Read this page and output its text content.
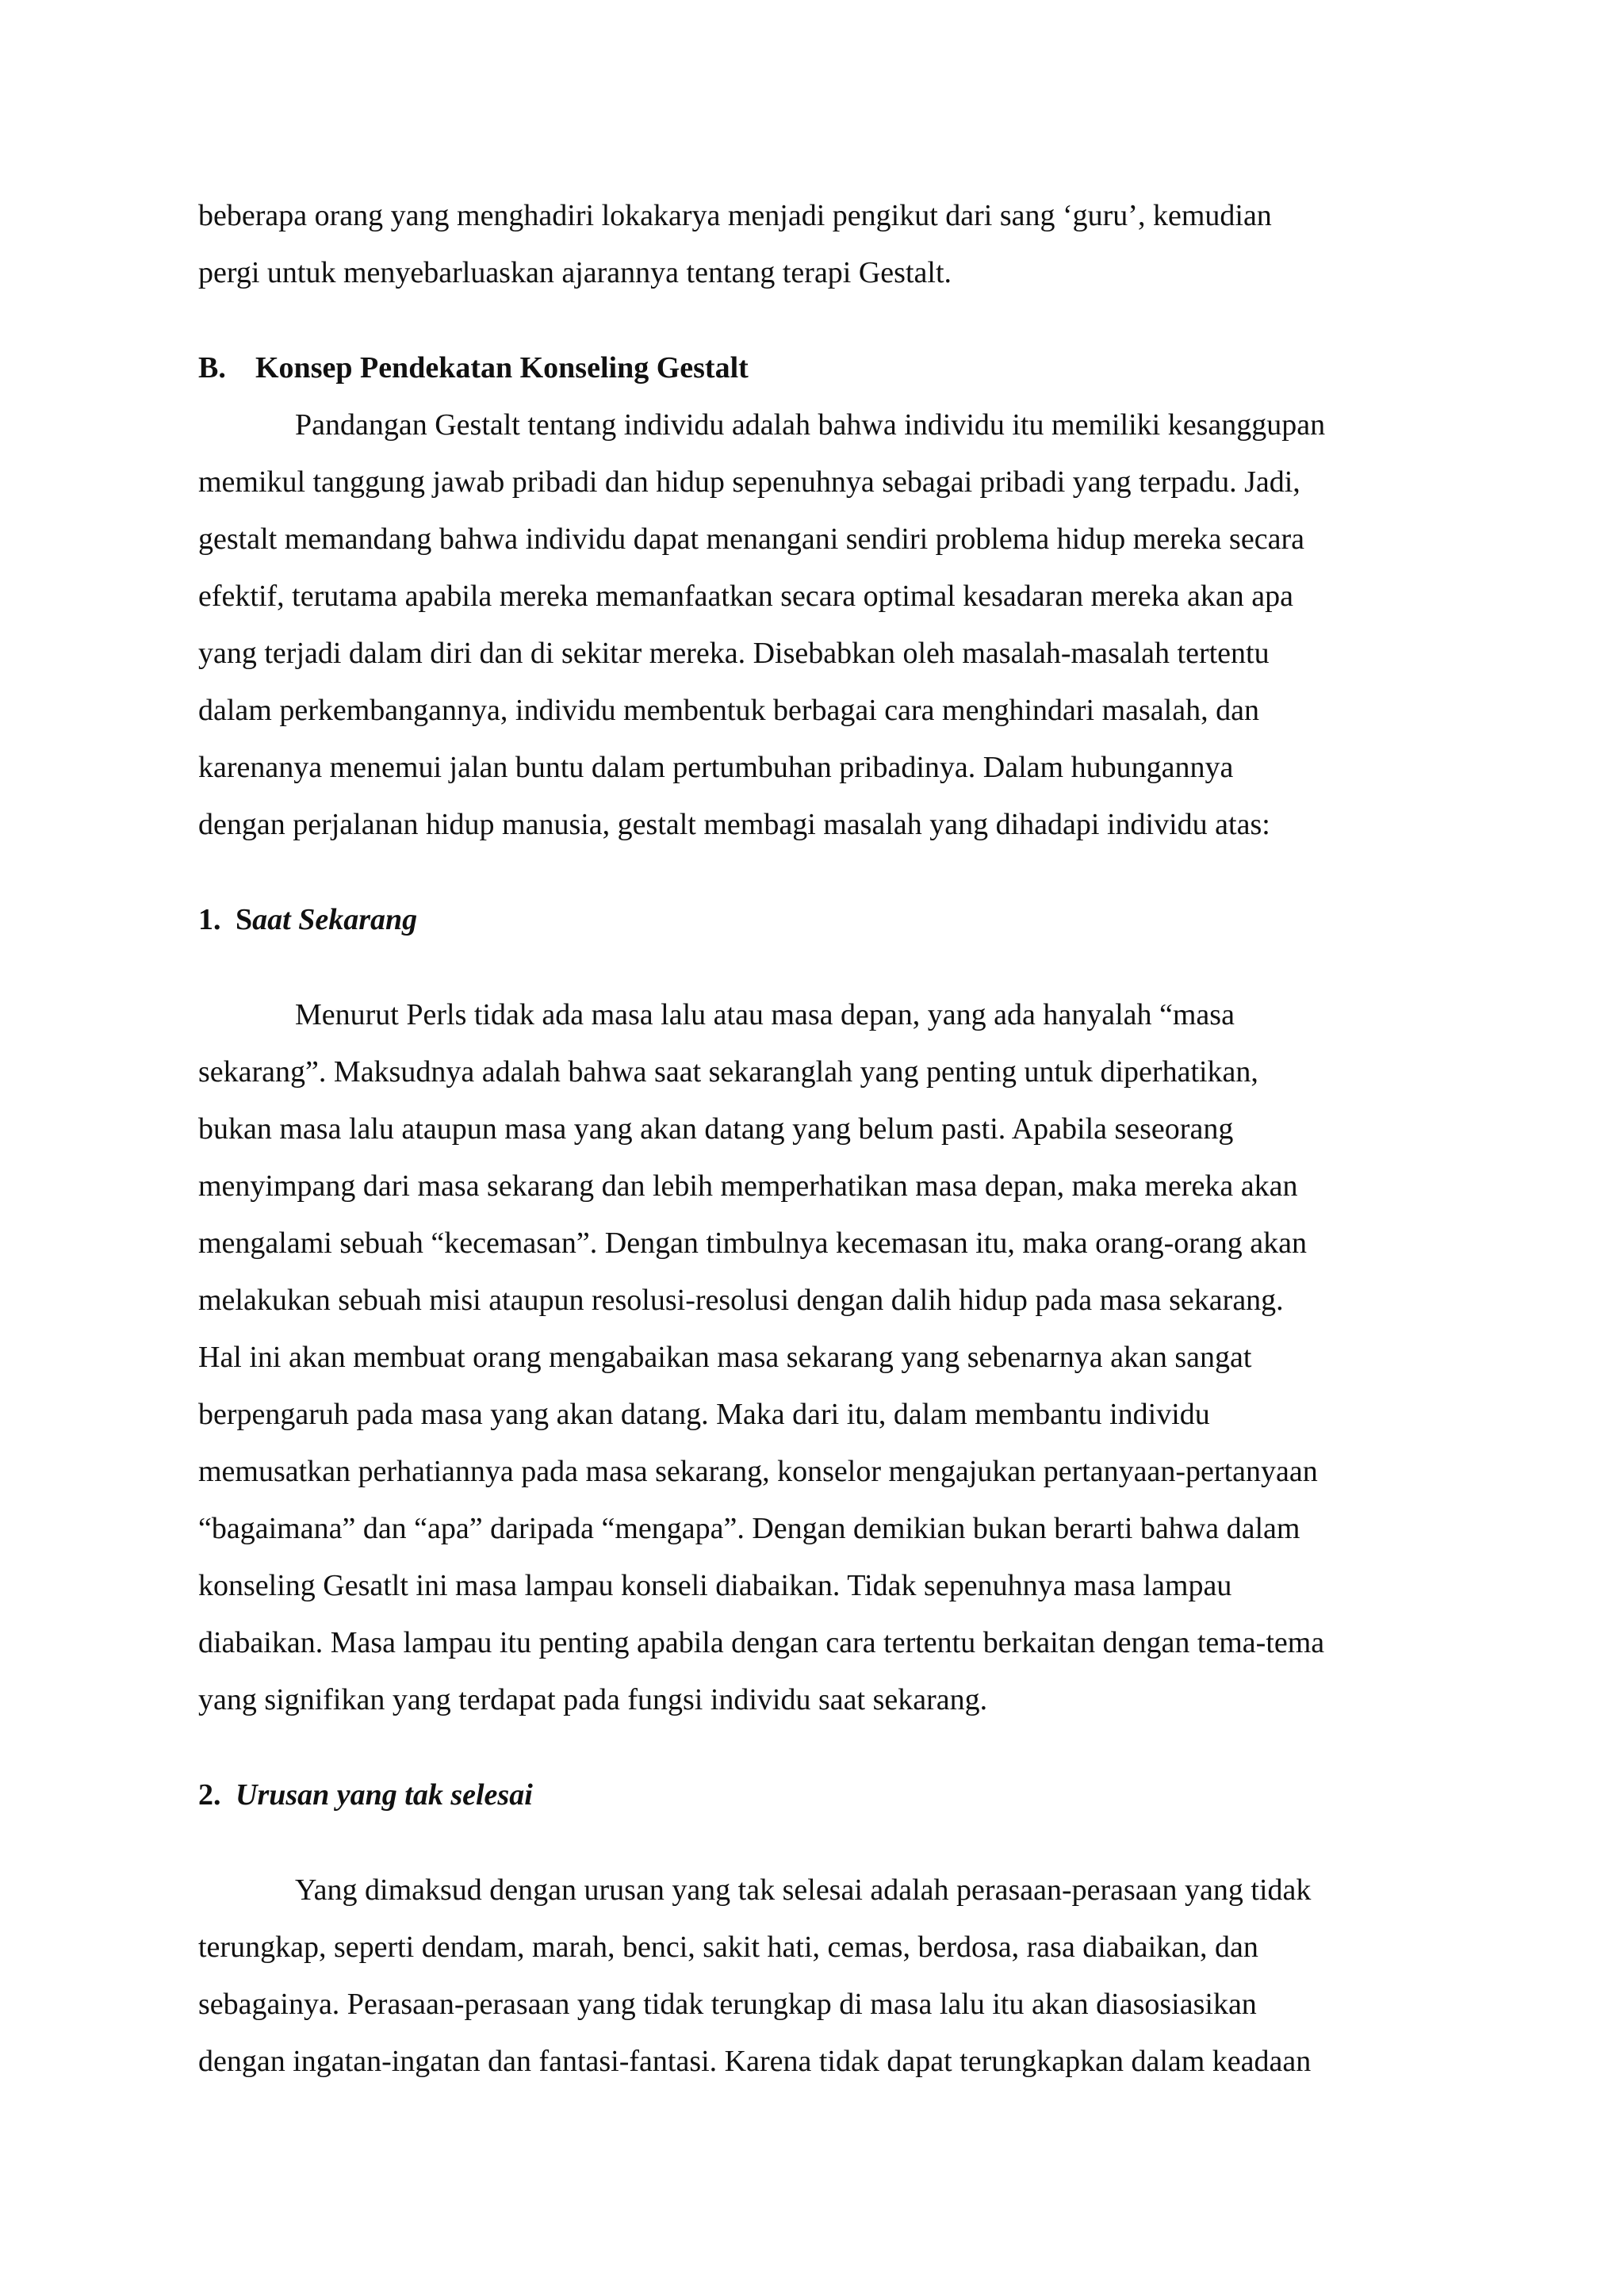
beberapa orang yang menghadiri lokakarya menjadi pengikut dari sang ‘guru’, kemudian

pergi untuk menyebarluaskan ajarannya tentang terapi Gestalt.

B. Konsep Pendekatan Konseling Gestalt

Pandangan Gestalt tentang individu adalah bahwa individu itu memiliki kesanggupan

memikul tanggung jawab pribadi dan hidup sepenuhnya sebagai pribadi yang terpadu. Jadi,

gestalt memandang bahwa individu dapat menangani sendiri problema hidup mereka secara

efektif, terutama apabila mereka memanfaatkan secara optimal kesadaran mereka akan apa

yang terjadi dalam diri dan di sekitar mereka. Disebabkan oleh masalah-masalah tertentu

dalam perkembangannya, individu membentuk berbagai cara menghindari masalah, dan

karenanya menemui jalan buntu dalam pertumbuhan pribadinya. Dalam hubungannya

dengan perjalanan hidup manusia, gestalt membagi masalah yang dihadapi individu atas:

1. Saat Sekarang

Menurut Perls tidak ada masa lalu atau masa depan, yang ada hanyalah “masa

sekarang”. Maksudnya adalah bahwa saat sekaranglah yang penting untuk diperhatikan,

bukan masa lalu ataupun masa yang akan datang yang belum pasti. Apabila seseorang

menyimpang dari masa sekarang dan lebih memperhatikan masa depan, maka mereka akan

mengalami sebuah “kecemasan”. Dengan timbulnya kecemasan itu, maka orang-orang akan

melakukan sebuah misi ataupun resolusi-resolusi dengan dalih hidup pada masa sekarang.

Hal ini akan membuat orang mengabaikan masa sekarang yang sebenarnya akan sangat

berpengaruh pada masa yang akan datang. Maka dari itu, dalam membantu individu

memusatkan perhatiannya pada masa sekarang, konselor mengajukan pertanyaan-pertanyaan

“bagaimana” dan “apa” daripada “mengapa”. Dengan demikian bukan berarti bahwa dalam

konseling Gesatlt ini masa lampau konseli diabaikan. Tidak sepenuhnya masa lampau

diabaikan. Masa lampau itu penting apabila dengan cara tertentu berkaitan dengan tema-tema

yang signifikan yang terdapat pada fungsi individu saat sekarang.

2. Urusan yang tak selesai

Yang dimaksud dengan urusan yang tak selesai adalah perasaan-perasaan yang tidak

terungkap, seperti dendam, marah, benci, sakit hati, cemas, berdosa, rasa diabaikan, dan

sebagainya. Perasaan-perasaan yang tidak terungkap di masa lalu itu akan diasosiasikan

dengan ingatan-ingatan dan fantasi-fantasi. Karena tidak dapat terungkapkan dalam keadaan
